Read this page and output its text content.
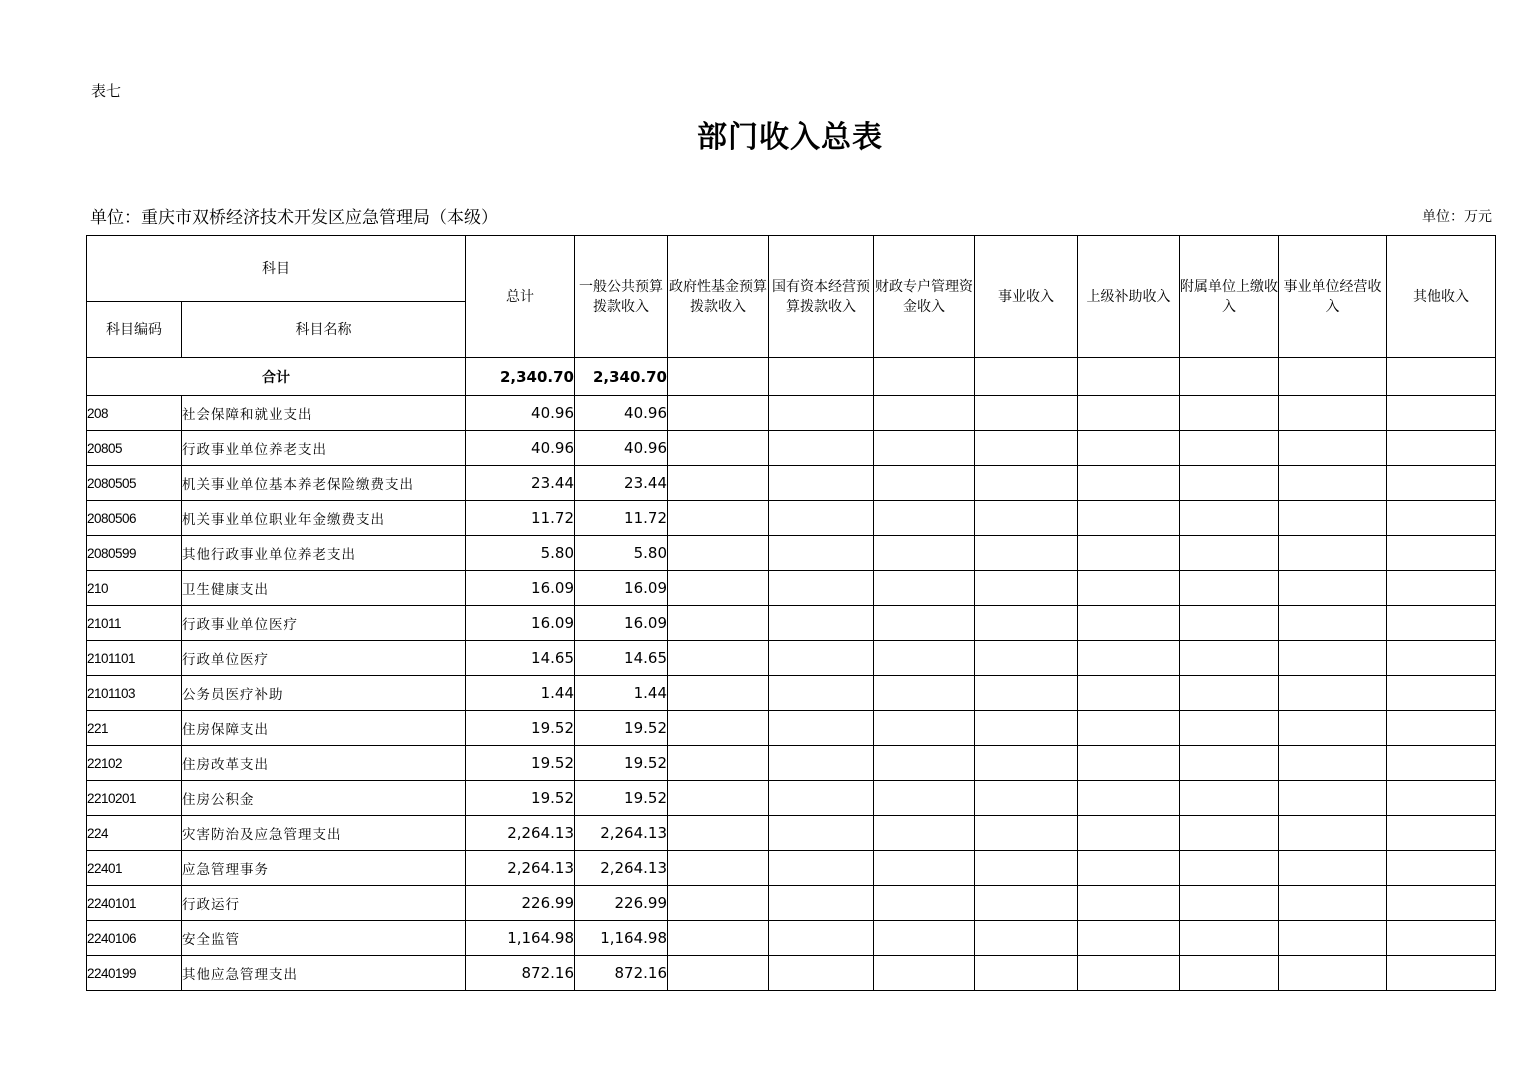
表七
部门收入总表
单位：重庆市双桥经济技术开发区应急管理局（本级）	单位：万元
科目		总计	一般公共预算拨款收入	政府性基金预算拨款收入	国有资本经营预算拨款收入	财政专户管理资金收入	事业收入	上级补助收入	附属单位上缴收入	事业单位经营收入	其他收入
科目编码	科目名称										
合计		2,340.70	2,340.70								
208	社会保障和就业支出	40.96	40.96								
20805	行政事业单位养老支出	40.96	40.96								
2080505	机关事业单位基本养老保险缴费支出	23.44	23.44								
2080506	机关事业单位职业年金缴费支出	11.72	11.72								
2080599	其他行政事业单位养老支出	5.80	5.80								
210	卫生健康支出	16.09	16.09								
21011	行政事业单位医疗	16.09	16.09								
2101101	行政单位医疗	14.65	14.65								
2101103	公务员医疗补助	1.44	1.44								
221	住房保障支出	19.52	19.52								
22102	住房改革支出	19.52	19.52								
2210201	住房公积金	19.52	19.52								
224	灾害防治及应急管理支出	2,264.13	2,264.13								
22401	应急管理事务	2,264.13	2,264.13								
2240101	行政运行	226.99	226.99								
2240106	安全监管	1,164.98	1,164.98								
2240199	其他应急管理支出	872.16	872.16								
